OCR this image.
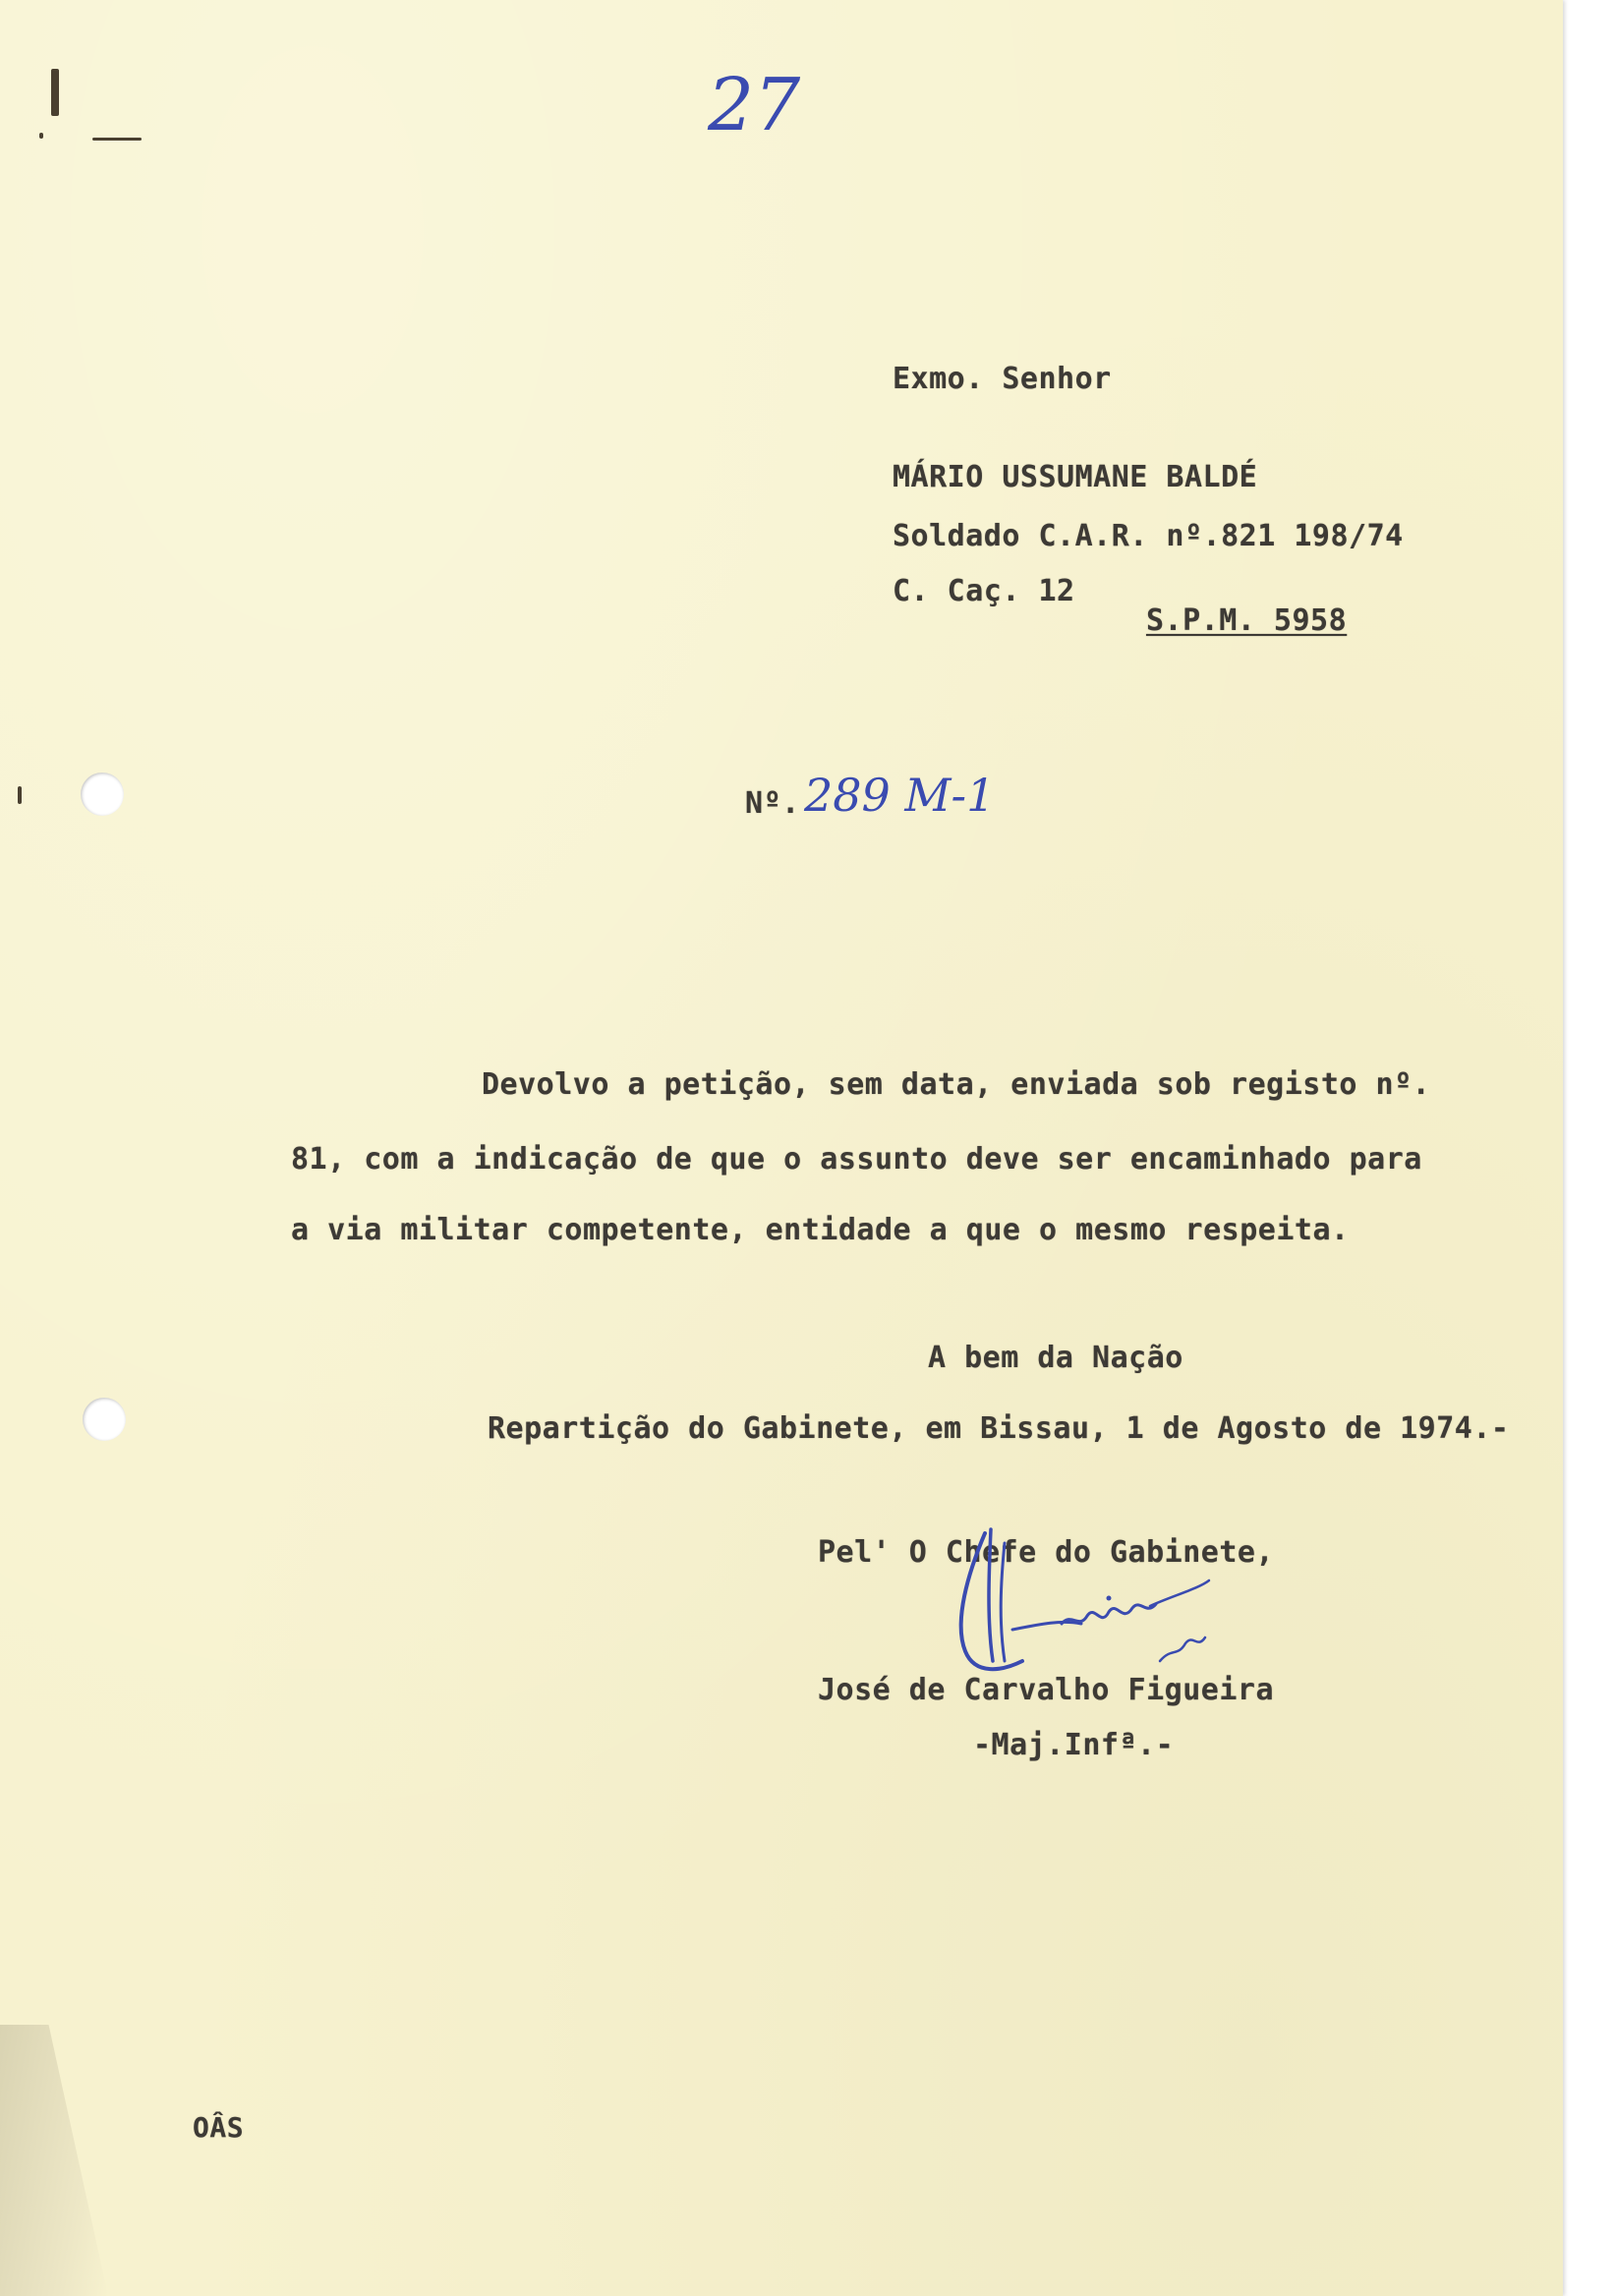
27
Exmo. Senhor
MÁRIO USSUMANE BALDÉ
Soldado C.A.R. nº.821 198/74
C. Caç. 12
S.P.M. 5958
Nº. 289 M-1
Devolvo a petição, sem data, enviada sob registo nº.
81, com a indicação de que o assunto deve ser encaminhado para
a via militar competente, entidade a que o mesmo respeita.
A bem da Nação
Repartição do Gabinete, em Bissau, 1 de Agosto de 1974.-
Pel' O Chefe do Gabinete,
José de Carvalho Figueira
-Maj.Infª.-
OÂS
